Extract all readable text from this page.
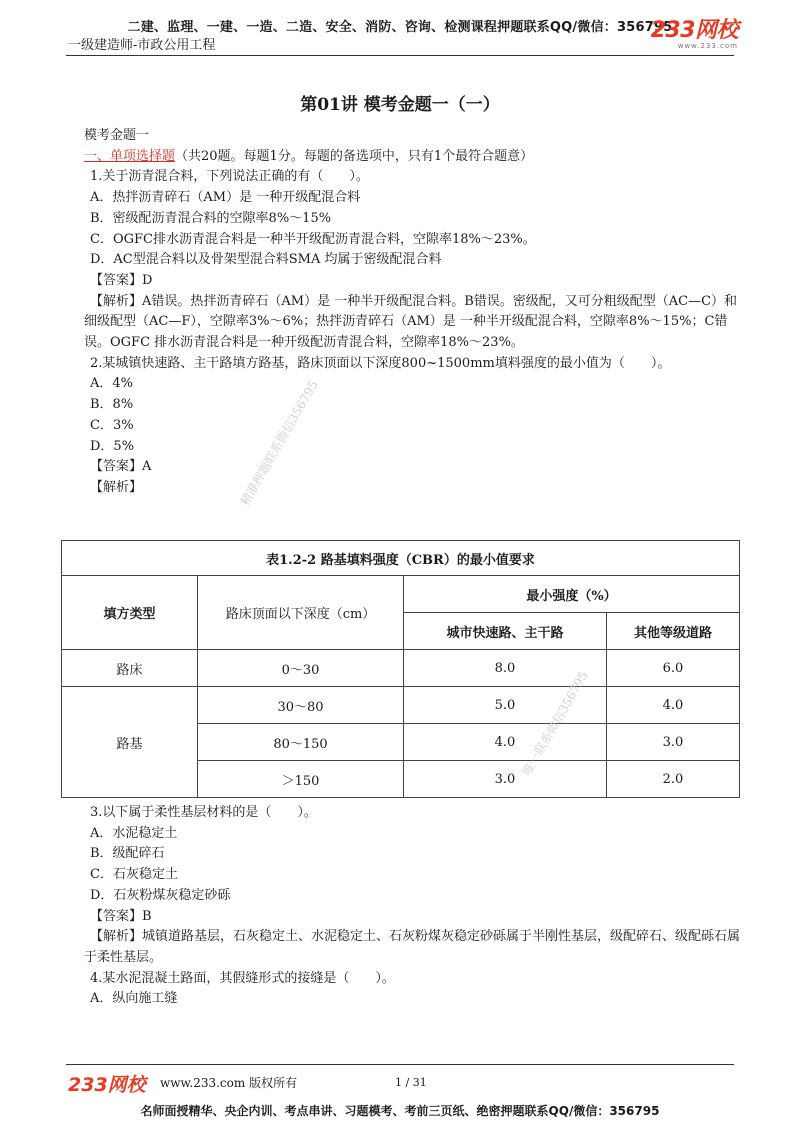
二建、监理、一建、一造、二造、安全、消防、咨询、检测课程押题联系QQ/微信：356795
一级建造师-市政公用工程
233网校
www.233.com
第01讲 模考金题一（一）
模考金题一
一、单项选择题（共20题。每题1分。每题的备选项中，只有1个最符合题意）
1.关于沥青混合料，下列说法正确的有（　　）。
A．热拌沥青碎石（AM）是 一种开级配混合料
B．密级配沥青混合料的空隙率8%～15%
C．OGFC排水沥青混合料是一种半开级配沥青混合料，空隙率18%～23%。
D．AC型混合料以及骨架型混合料SMA 均属于密级配混合料
【答案】D
【解析】A错误。热拌沥青碎石（AM）是 一种半开级配混合料。B错误。密级配，又可分粗级配型（AC—C）和细级配型（AC—F），空隙率3%～6%；热拌沥青碎石（AM）是 一种半开级配混合料，空隙率8%～15%；C错误。OGFC 排水沥青混合料是一种开级配沥青混合料，空隙率18%～23%。
2.某城镇快速路、主干路填方路基，路床顶面以下深度800~1500mm填料强度的最小值为（　　）。
A．4%
B．8%
C．3%
D．5%
【答案】A
【解析】
表1.2-2 路基填料强度（CBR）的最小值要求			
填方类型	路床顶面以下深度（cm）	最小强度（%）	
		城市快速路、主干路	其他等级道路
路床	0～30	8.0	6.0
路基	30～80	5.0	4.0
	80～150	4.0	3.0
	＞150	3.0	2.0
3.以下属于柔性基层材料的是（　　）。
A．水泥稳定土
B．级配碎石
C．石灰稳定土
D．石灰粉煤灰稳定砂砾
【答案】B
【解析】城镇道路基层，石灰稳定土、水泥稳定土、石灰粉煤灰稳定砂砾属于半刚性基层，级配碎石、级配砾石属于柔性基层。
4.某水泥混凝土路面，其假缝形式的接缝是（　　）。
A．纵向施工缝
精准押题联系微信356795
唯一联系微信356795
233网校 www.233.com 版权所有	1 / 31
名师面授精华、央企内训、考点串讲、习题模考、考前三页纸、绝密押题联系QQ/微信：356795
